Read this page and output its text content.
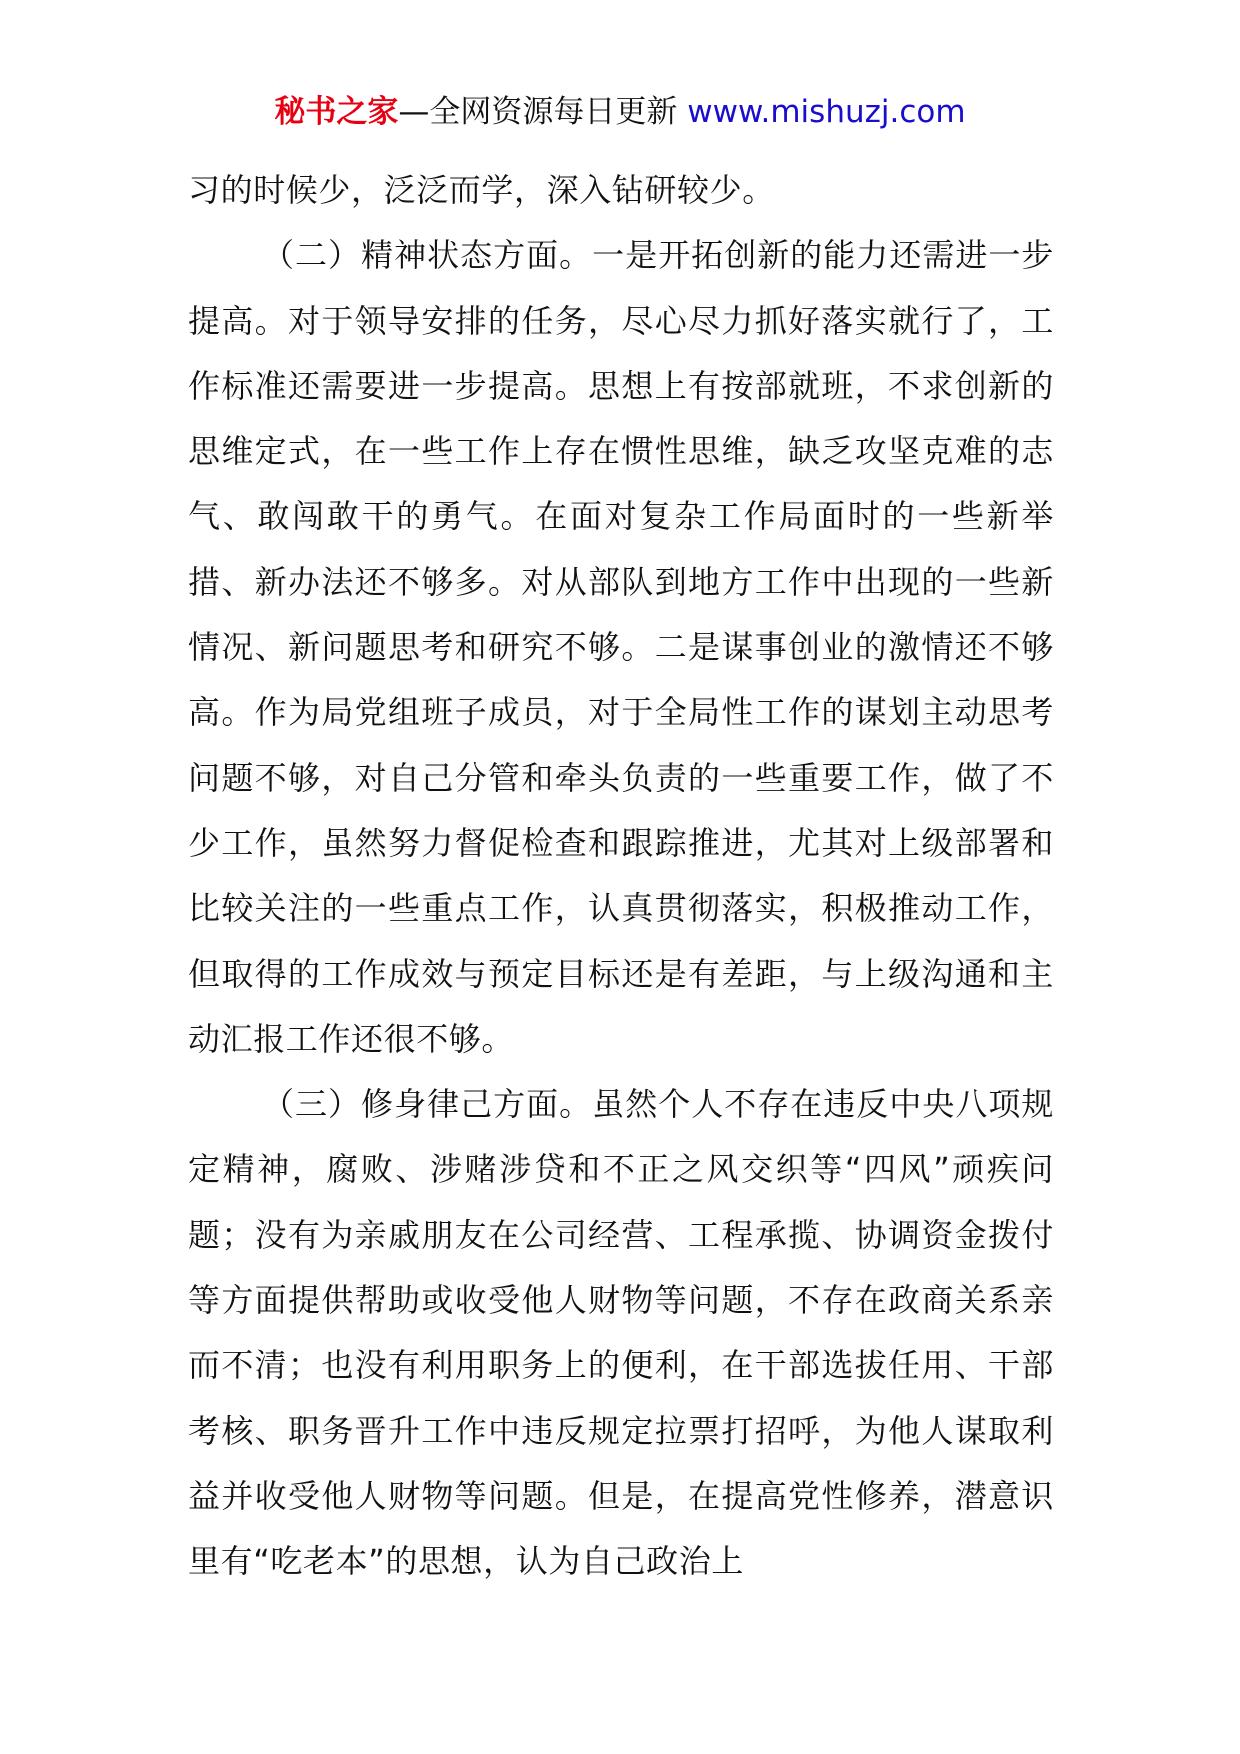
秘书之家—全网资源每日更新 www.mishuzj.com

习的时候少，泛泛而学，深入钻研较少。

（二）精神状态方面。一是开拓创新的能力还需进一步提高。对于领导安排的任务，尽心尽力抓好落实就行了，工作标准还需要进一步提高。思想上有按部就班，不求创新的思维定式，在一些工作上存在惯性思维，缺乏攻坚克难的志气、敢闯敢干的勇气。在面对复杂工作局面时的一些新举措、新办法还不够多。对从部队到地方工作中出现的一些新情况、新问题思考和研究不够。二是谋事创业的激情还不够高。作为局党组班子成员，对于全局性工作的谋划主动思考问题不够，对自己分管和牵头负责的一些重要工作，做了不少工作，虽然努力督促检查和跟踪推进，尤其对上级部署和比较关注的一些重点工作，认真贯彻落实，积极推动工作，但取得的工作成效与预定目标还是有差距，与上级沟通和主动汇报工作还很不够。

（三）修身律己方面。虽然个人不存在违反中央八项规定精神，腐败、涉赌涉贷和不正之风交织等“四风”顽疾问题；没有为亲戚朋友在公司经营、工程承揽、协调资金拨付等方面提供帮助或收受他人财物等问题，不存在政商关系亲而不清；也没有利用职务上的便利，在干部选拔任用、干部考核、职务晋升工作中违反规定拉票打招呼，为他人谋取利益并收受他人财物等问题。但是，在提高党性修养，潜意识里有“吃老本”的思想，认为自己政治上
